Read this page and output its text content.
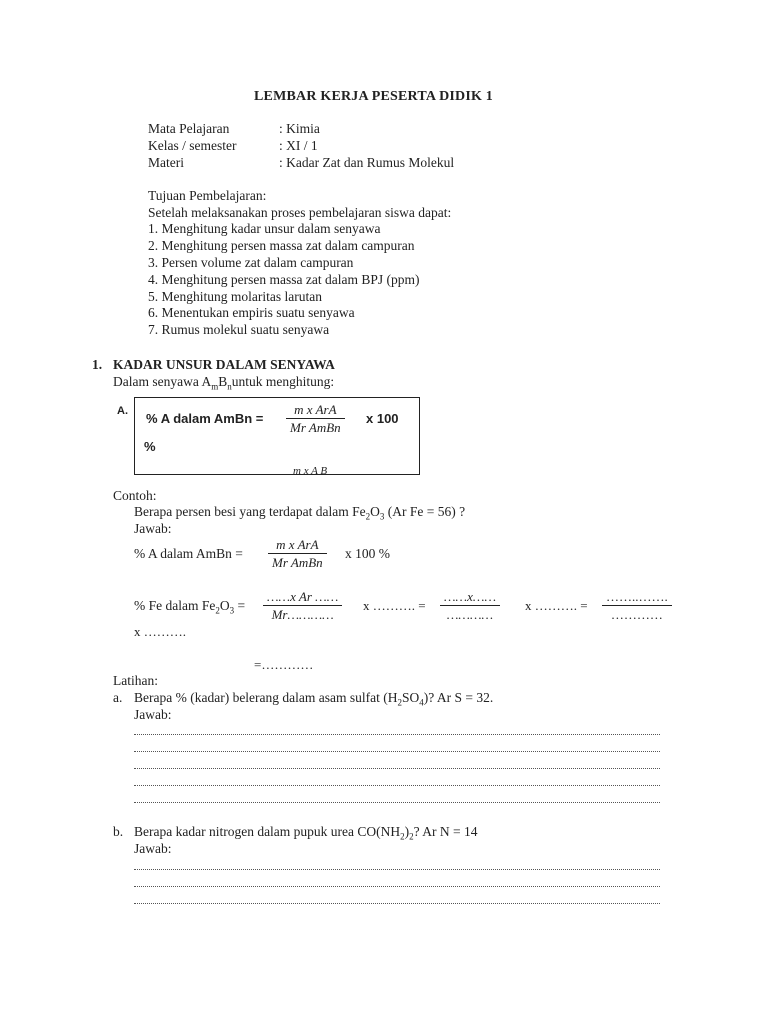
LEMBAR KERJA PESERTA DIDIK 1
Mata Pelajaran	: Kimia
Kelas / semester	: XI / 1
Materi	: Kadar Zat dan Rumus Molekul
Tujuan Pembelajaran:
Setelah melaksanakan proses pembelajaran siswa dapat:
1. Menghitung kadar unsur dalam senyawa
2. Menghitung persen massa zat dalam campuran
3. Persen volume zat dalam campuran
4. Menghitung persen massa zat dalam BPJ (ppm)
5. Menghitung molaritas larutan
6. Menentukan empiris suatu senyawa
7. Rumus molekul suatu senyawa
1. KADAR UNSUR DALAM SENYAWA
Dalam senyawa $A_mB_nuntuk$ menghitung:
A. % A dalam AmBn =
m x ArA
Mr AmBn
x 100
%
m x A B
Contoh:
Berapa persen besi yang terdapat dalam $Fe_2O_3$ (Ar Fe = 56) ?
Jawab:
% A dalam AmBn =
m x ArA
Mr AmBn
x 100 %
% Fe dalam $Fe_2O_3 = \frac{\text{……x Ar ……}}{Mr\dots\dots\dots\dots}$ x ………. =
……x……
…………
x ………. =
……..…….
…………
x ……….
=…………
Latihan:
a. Berapa % (kadar) belerang dalam asam sulfat $(H_2SO_4)$? Ar S = 32.
Jawab:
b. Berapa kadar nitrogen dalam pupuk urea $CO(NH_2)_2$? Ar N = 14
Jawab:
